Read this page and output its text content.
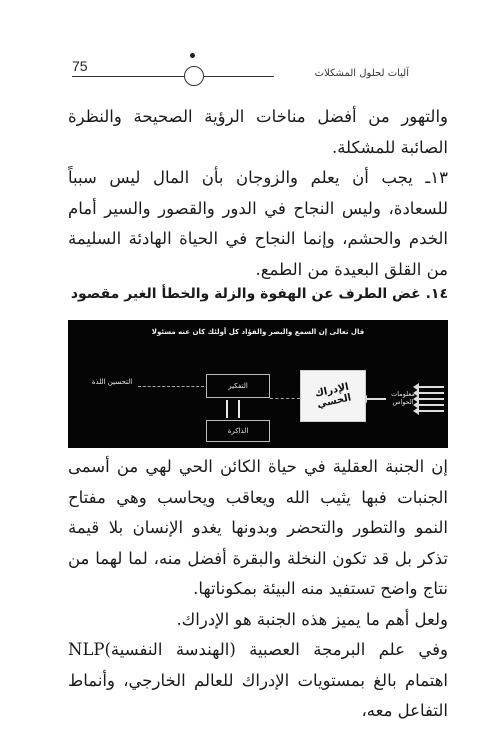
75	آليات لحلول المشكلات

والتهور من أفضل مناخات الرؤية الصحيحة والنظرة الصائبة للمشكلة.

١٣ـ يجب أن يعلم والزوجان بأن المال ليس سبباً للسعادة، وليس النجاح في الدور والقصور والسير أمام الخدم والحشم، وإنما النجاح في الحياة الهادئة السليمة من القلق البعيدة من الطمع.

١٤. غض الطرف عن الهفوة والزلة والخطأ الغير مقصود
قال تعالى إن السمع والبصر والفؤاد كل أولئك كان عنه مسئولا
معلومات الحواس
الإدراك الحسي
التفكير
الذاكرة
التحسين اللذة

إن الجنبة العقلية في حياة الكائن الحي لهي من أسمى الجنبات فبها يثيب الله ويعاقب ويحاسب وهي مفتاح النمو والتطور والتحضر وبدونها يغدو الإنسان بلا قيمة تذكر بل قد تكون النخلة والبقرة أفضل منه، لما لهما من نتاج واضح تستفيد منه البيئة بمكوناتها.

ولعل أهم ما يميز هذه الجنبة هو الإدراك.

وفي علم البرمجة العصبية (الهندسة النفسية)NLP اهتمام بالغ بمستويات الإدراك للعالم الخارجي، وأنماط التفاعل معه،
